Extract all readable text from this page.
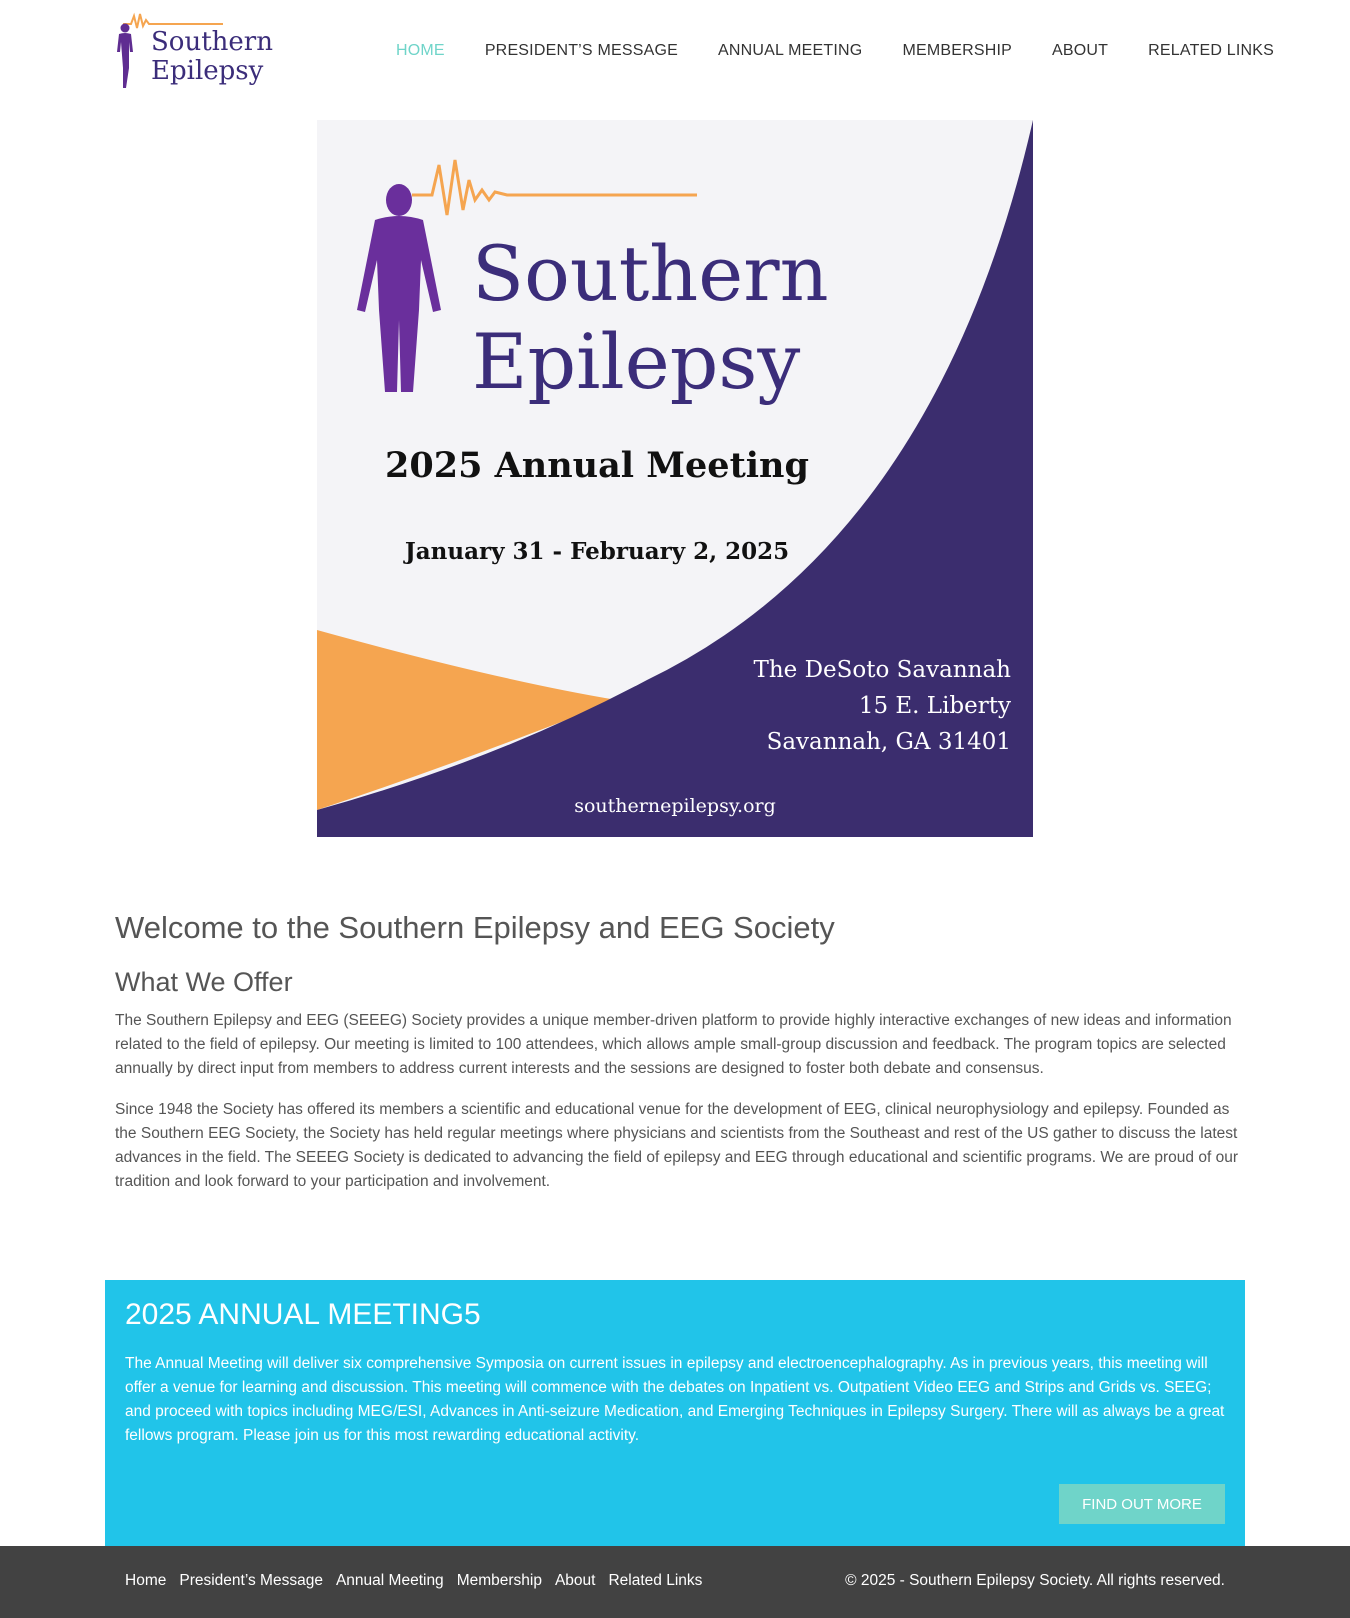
Southern
Epilepsy
HOME	PRESIDENT’S MESSAGE	ANNUAL MEETING	MEMBERSHIP	ABOUT	RELATED LINKS
Southern
Epilepsy
2025 Annual Meeting
January 31 - February 2, 2025
The DeSoto Savannah
15 E. Liberty
Savannah, GA 31401
southernepilepsy.org
Welcome to the Southern Epilepsy and EEG Society
What We Offer

The Southern Epilepsy and EEG (SEEEG) Society provides a unique member-driven platform to provide highly interactive exchanges of new ideas and information related to the field of epilepsy. Our meeting is limited to 100 attendees, which allows ample small-group discussion and feedback. The program topics are selected annually by direct input from members to address current interests and the sessions are designed to foster both debate and consensus.

Since 1948 the Society has offered its members a scientific and educational venue for the development of EEG, clinical neurophysiology and epilepsy. Founded as the Southern EEG Society, the Society has held regular meetings where physicians and scientists from the Southeast and rest of the US gather to discuss the latest advances in the field. The SEEEG Society is dedicated to advancing the field of epilepsy and EEG through educational and scientific programs. We are proud of our tradition and look forward to your participation and involvement.

2025 ANNUAL MEETING5

The Annual Meeting will deliver six comprehensive Symposia on current issues in epilepsy and electroencephalography. As in previous years, this meeting will offer a venue for learning and discussion. This meeting will commence with the debates on Inpatient vs. Outpatient Video EEG and Strips and Grids vs. SEEG; and proceed with topics including MEG/ESI, Advances in Anti-seizure Medication, and Emerging Techniques in Epilepsy Surgery. There will as always be a great fellows program. Please join us for this most rewarding educational activity.

FIND OUT MORE
Home President’s Message Annual Meeting Membership About Related Links	© 2025 - Southern Epilepsy Society. All rights reserved.
